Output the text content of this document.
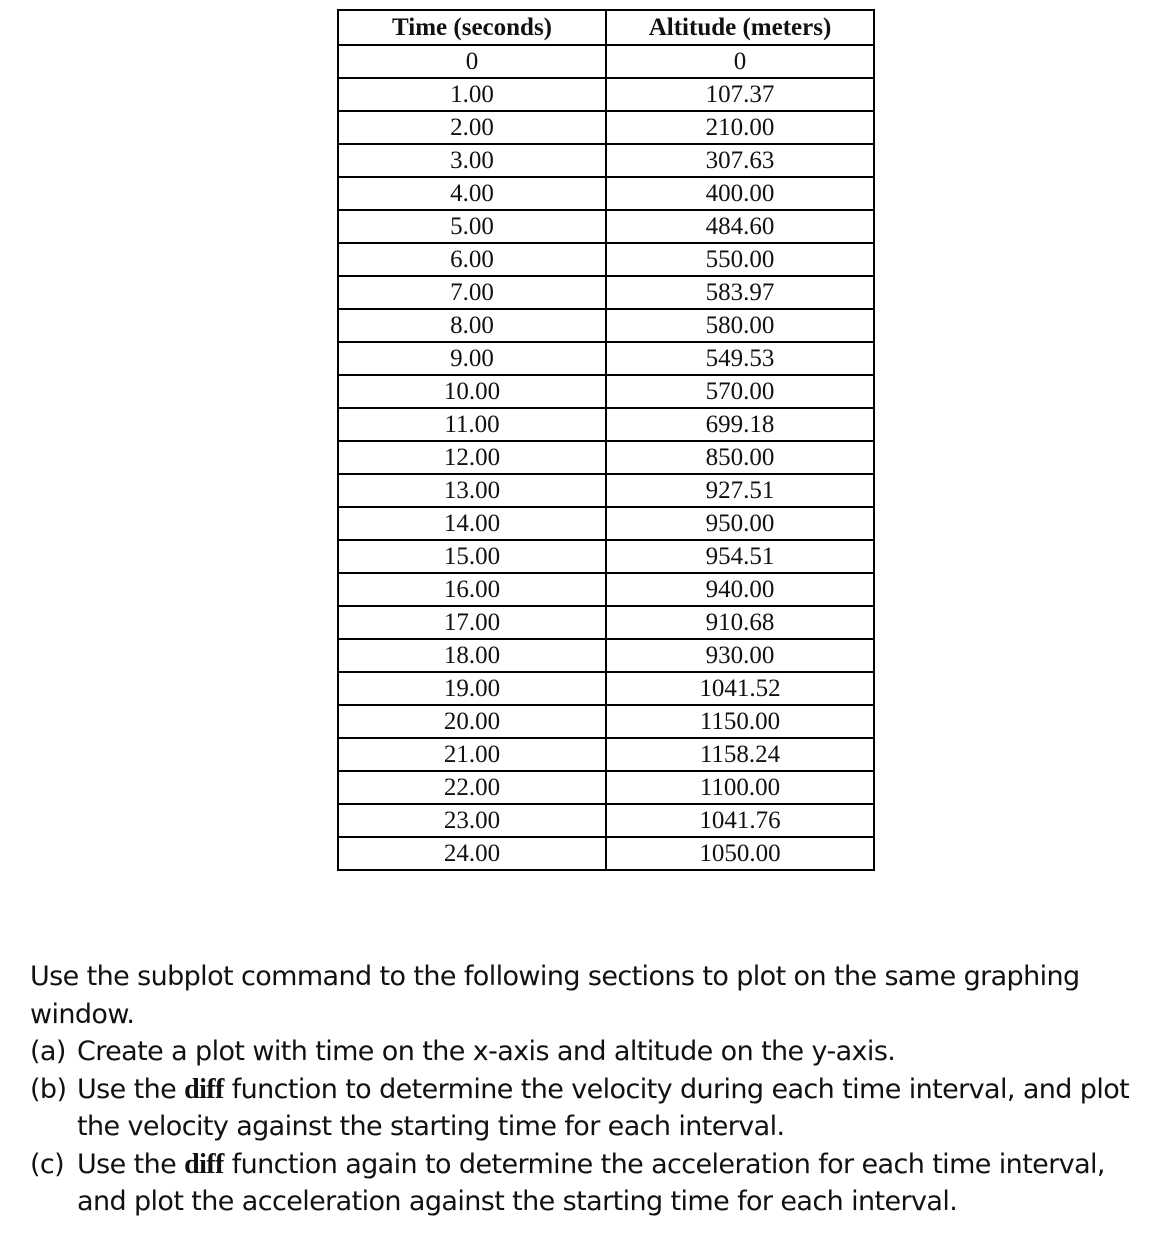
Time (seconds)	Altitude (meters)
0	0
1.00	107.37
2.00	210.00
3.00	307.63
4.00	400.00
5.00	484.60
6.00	550.00
7.00	583.97
8.00	580.00
9.00	549.53
10.00	570.00
11.00	699.18
12.00	850.00
13.00	927.51
14.00	950.00
15.00	954.51
16.00	940.00
17.00	910.68
18.00	930.00
19.00	1041.52
20.00	1150.00
21.00	1158.24
22.00	1100.00
23.00	1041.76
24.00	1050.00

Use the subplot command to the following sections to plot on the same graphing window.

(a) Create a plot with time on the x-axis and altitude on the y-axis.
(b) Use the diff function to determine the velocity during each time interval, and plot the velocity against the starting time for each interval.
(c) Use the diff function again to determine the acceleration for each time interval, and plot the acceleration against the starting time for each interval.
